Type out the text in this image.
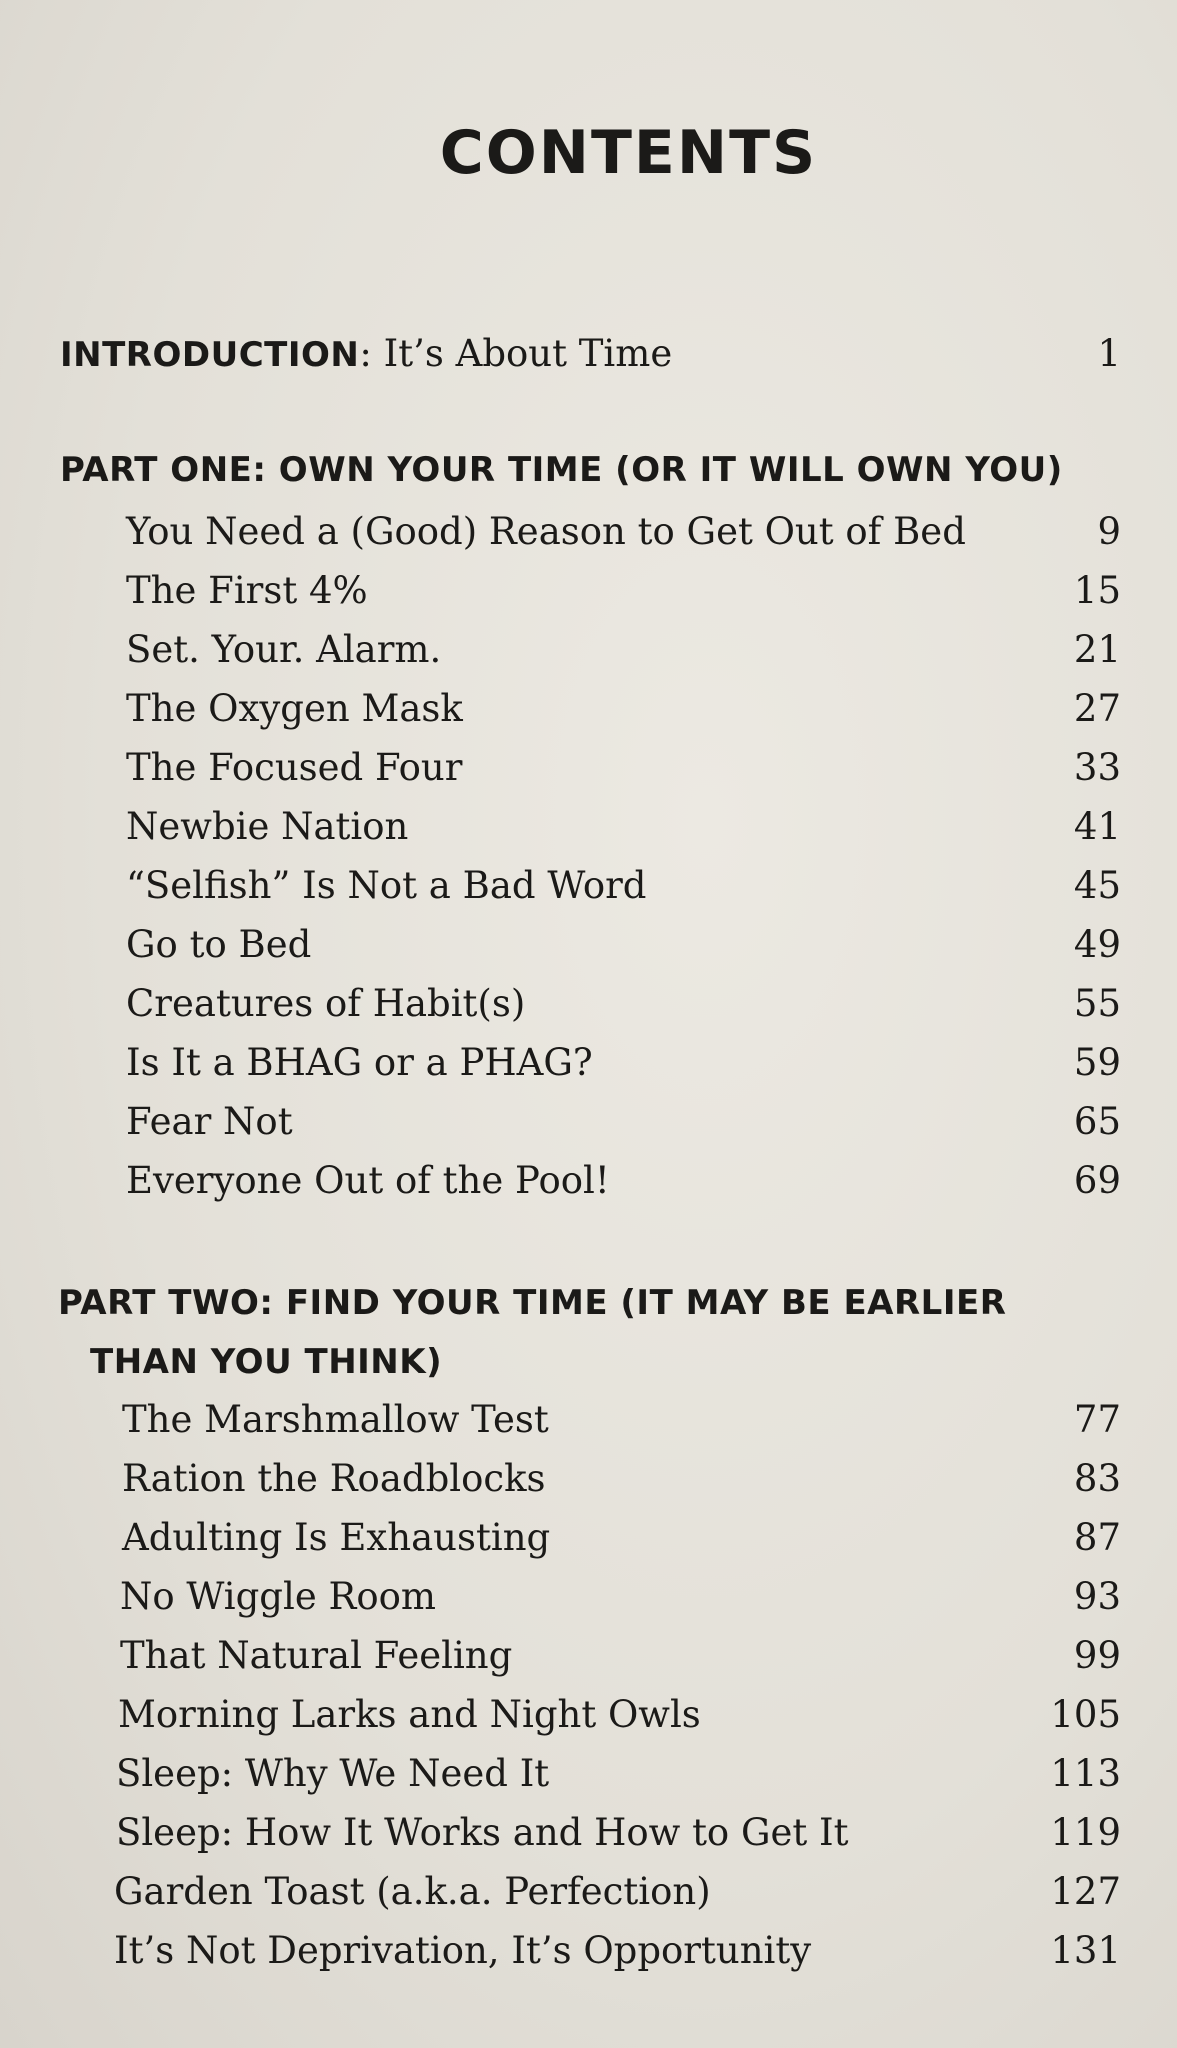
CONTENTS
INTRODUCTION: It’s About Time	1
PART ONE: OWN YOUR TIME (OR IT WILL OWN YOU)
You Need a (Good) Reason to Get Out of Bed	9
The First 4%	15
Set. Your. Alarm.	21
The Oxygen Mask	27
The Focused Four	33
Newbie Nation	41
“Selfish” Is Not a Bad Word	45
Go to Bed	49
Creatures of Habit(s)	55
Is It a BHAG or a PHAG?	59
Fear Not	65
Everyone Out of the Pool!	69
PART TWO: FIND YOUR TIME (IT MAY BE EARLIER
THAN YOU THINK)
The Marshmallow Test	77
Ration the Roadblocks	83
Adulting Is Exhausting	87
No Wiggle Room	93
That Natural Feeling	99
Morning Larks and Night Owls	105
Sleep: Why We Need It	113
Sleep: How It Works and How to Get It	119
Garden Toast (a.k.a. Perfection)	127
It’s Not Deprivation, It’s Opportunity	131
